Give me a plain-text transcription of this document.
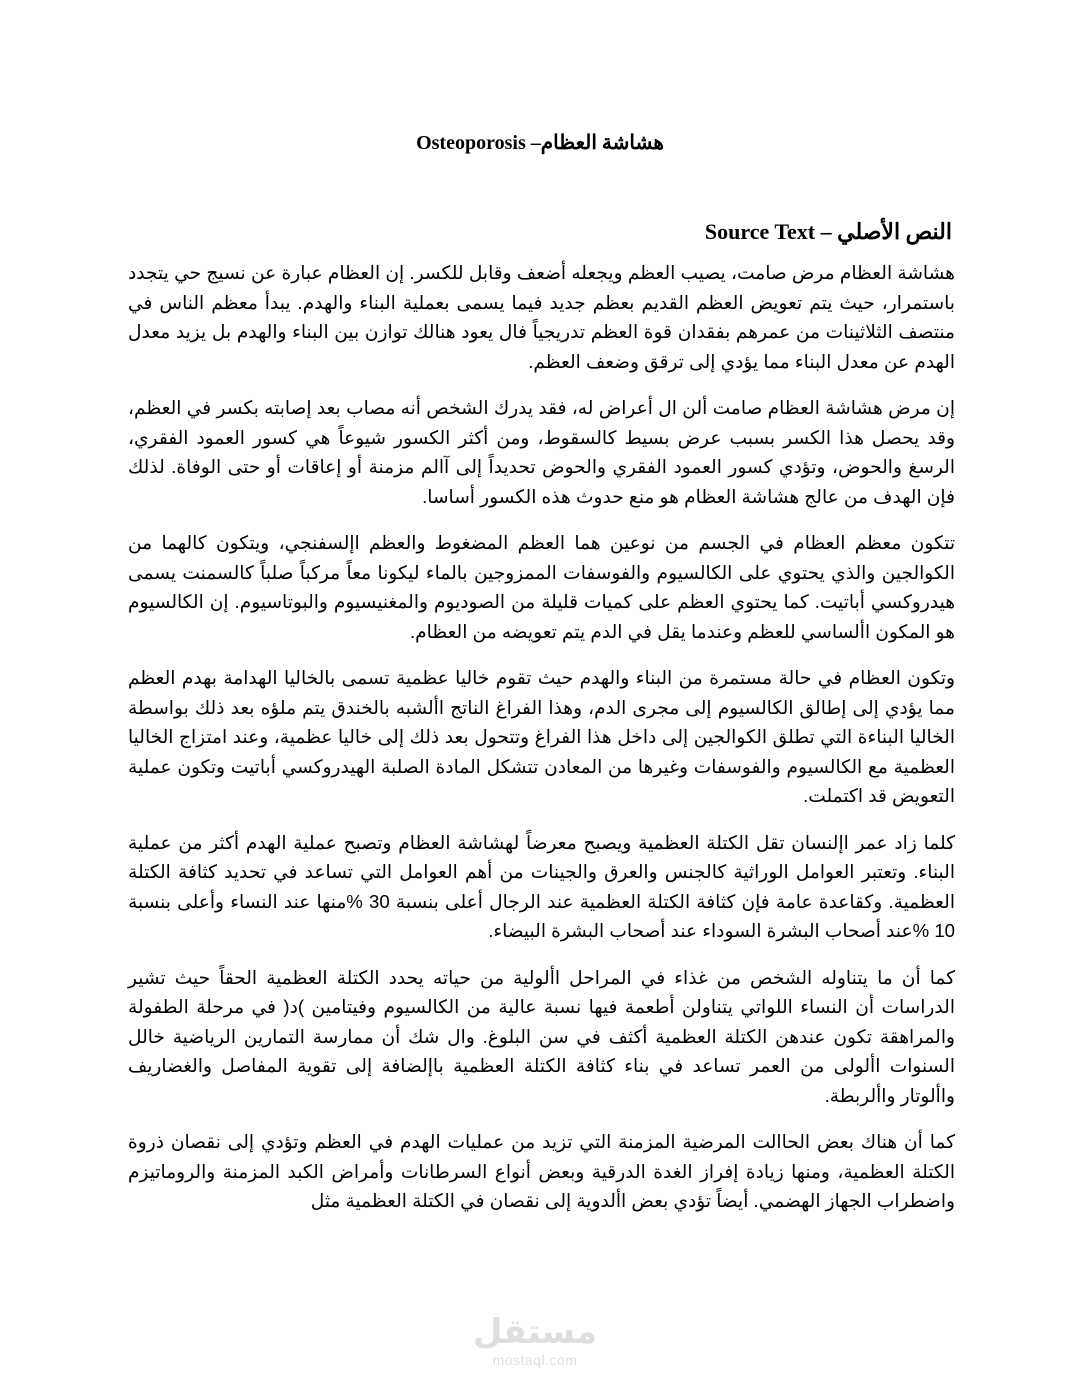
Osteoporosis –هشاشة العظام
النص الأصلي – Source Text

هشاشة العظام مرض صامت، يصيب العظم ويجعله أضعف وقابل للكسر. إن العظام عبارة عن نسيج حي يتجدد باستمرار، حيث يتم تعويض العظم القديم بعظم جديد فيما يسمى بعملية البناء والهدم. يبدأ معظم الناس في منتصف الثلاثينات من عمرهم بفقدان قوة العظم تدريجياً فال يعود هنالك توازن بين البناء والهدم بل يزيد معدل الهدم عن معدل البناء مما يؤدي إلى ترقق وضعف العظم.

إن مرض هشاشة العظام صامت ألن ال أعراض له، فقد يدرك الشخص أنه مصاب بعد إصابته بكسر في العظم، وقد يحصل هذا الكسر بسبب عرض بسيط كالسقوط، ومن أكثر الكسور شيوعاً هي كسور العمود الفقري، الرسغ والحوض، وتؤدي كسور العمود الفقري والحوض تحديداً إلى آالم مزمنة أو إعاقات أو حتى الوفاة. لذلك فإن الهدف من عالج هشاشة العظام هو منع حدوث هذه الكسور أساسا.

تتكون معظم العظام في الجسم من نوعين هما العظم المضغوط والعظم اإلسفنجي، ويتكون كالهما من الكوالجين والذي يحتوي على الكالسيوم والفوسفات الممزوجين بالماء ليكونا معاً مركباً صلباً كالسمنت يسمى هيدروكسي أباتيت. كما يحتوي العظم على كميات قليلة من الصوديوم والمغنيسيوم والبوتاسيوم. إن الكالسيوم هو المكون األساسي للعظم وعندما يقل في الدم يتم تعويضه من العظام.

وتكون العظام في حالة مستمرة من البناء والهدم حيث تقوم خاليا عظمية تسمى بالخاليا الهدامة بهدم العظم مما يؤدي إلى إطالق الكالسيوم إلى مجرى الدم، وهذا الفراغ الناتج األشبه بالخندق يتم ملؤه بعد ذلك بواسطة الخاليا البناءة التي تطلق الكوالجين إلى داخل هذا الفراغ وتتحول بعد ذلك إلى خاليا عظمية، وعند امتزاج الخاليا العظمية مع الكالسيوم والفوسفات وغيرها من المعادن تتشكل المادة الصلبة الهيدروكسي أباتيت وتكون عملية التعويض قد اكتملت.

كلما زاد عمر اإلنسان تقل الكتلة العظمية ويصبح معرضاً لهشاشة العظام وتصبح عملية الهدم أكثر من عملية البناء. وتعتبر العوامل الوراثية كالجنس والعرق والجينات من أهم العوامل التي تساعد في تحديد كثافة الكتلة العظمية. وكقاعدة عامة فإن كثافة الكتلة العظمية عند الرجال أعلى بنسبة 30 %منها عند النساء وأعلى بنسبة 10 %عند أصحاب البشرة السوداء عند أصحاب البشرة البيضاء.

كما أن ما يتناوله الشخص من غذاء في المراحل األولية من حياته يحدد الكتلة العظمية الحقاً حيث تشير الدراسات أن النساء اللواتي يتناولن أطعمة فيها نسبة عالية من الكالسيوم وفيتامين )د( في مرحلة الطفولة والمراهقة تكون عندهن الكتلة العظمية أكثف في سن البلوغ. وال شك أن ممارسة التمارين الرياضية خالل السنوات األولى من العمر تساعد في بناء كثافة الكتلة العظمية باإلضافة إلى تقوية المفاصل والغضاريف واألوتار واألربطة.

كما أن هناك بعض الحاالت المرضية المزمنة التي تزيد من عمليات الهدم في العظم وتؤدي إلى نقصان ذروة الكتلة العظمية، ومنها زيادة إفراز الغدة الدرقية وبعض أنواع السرطانات وأمراض الكبد المزمنة والروماتيزم واضطراب الجهاز الهضمي. أيضاً تؤدي بعض األدوية إلى نقصان في الكتلة العظمية مثل

مستقل
mostaql.com
